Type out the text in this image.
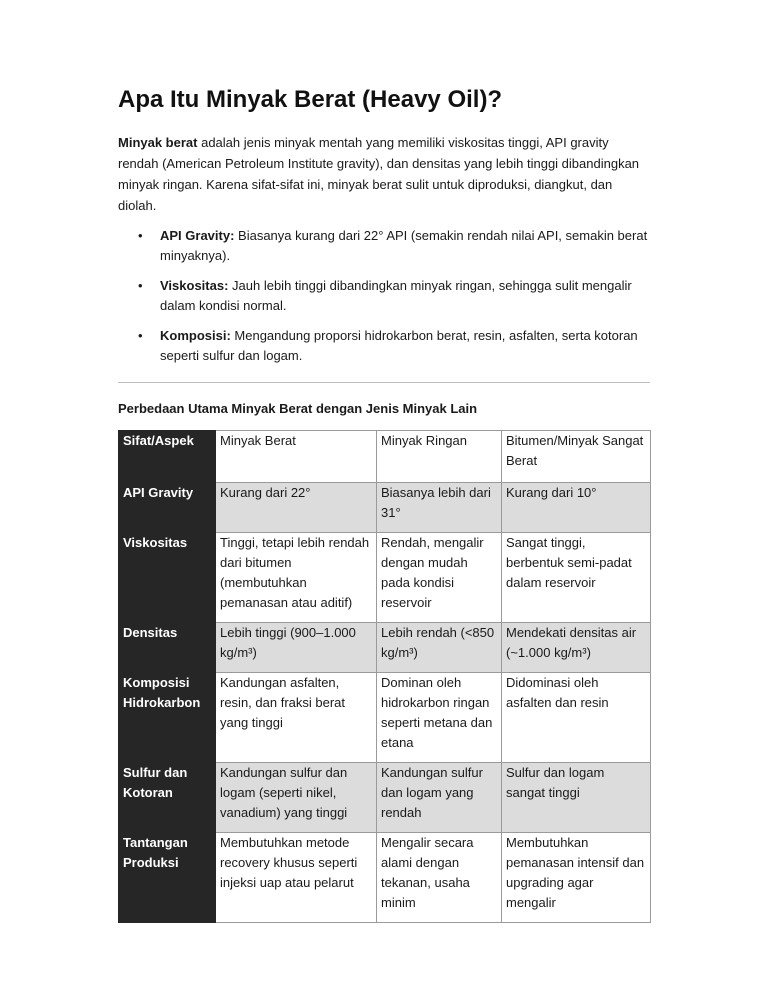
Apa Itu Minyak Berat (Heavy Oil)?

Minyak berat adalah jenis minyak mentah yang memiliki viskositas tinggi, API gravity rendah (American Petroleum Institute gravity), dan densitas yang lebih tinggi dibandingkan minyak ringan. Karena sifat-sifat ini, minyak berat sulit untuk diproduksi, diangkut, dan diolah.

• API Gravity: Biasanya kurang dari 22° API (semakin rendah nilai API, semakin berat minyaknya).
• Viskositas: Jauh lebih tinggi dibandingkan minyak ringan, sehingga sulit mengalir dalam kondisi normal.
• Komposisi: Mengandung proporsi hidrokarbon berat, resin, asfalten, serta kotoran seperti sulfur dan logam.
Perbedaan Utama Minyak Berat dengan Jenis Minyak Lain
Sifat/Aspek	Minyak Berat	Minyak Ringan	Bitumen/Minyak Sangat Berat
API Gravity	Kurang dari 22°	Biasanya lebih dari 31°	Kurang dari 10°
Viskositas	Tinggi, tetapi lebih rendah dari bitumen (membutuhkan pemanasan atau aditif)	Rendah, mengalir dengan mudah pada kondisi reservoir	Sangat tinggi, berbentuk semi-padat dalam reservoir
Densitas	Lebih tinggi (900–1.000 kg/m³)	Lebih rendah (<850 kg/m³)	Mendekati densitas air (~1.000 kg/m³)
Komposisi Hidrokarbon	Kandungan asfalten, resin, dan fraksi berat yang tinggi	Dominan oleh hidrokarbon ringan seperti metana dan etana	Didominasi oleh asfalten dan resin
Sulfur dan Kotoran	Kandungan sulfur dan logam (seperti nikel, vanadium) yang tinggi	Kandungan sulfur dan logam yang rendah	Sulfur dan logam sangat tinggi
Tantangan Produksi	Membutuhkan metode recovery khusus seperti injeksi uap atau pelarut	Mengalir secara alami dengan tekanan, usaha minim	Membutuhkan pemanasan intensif dan upgrading agar mengalir
